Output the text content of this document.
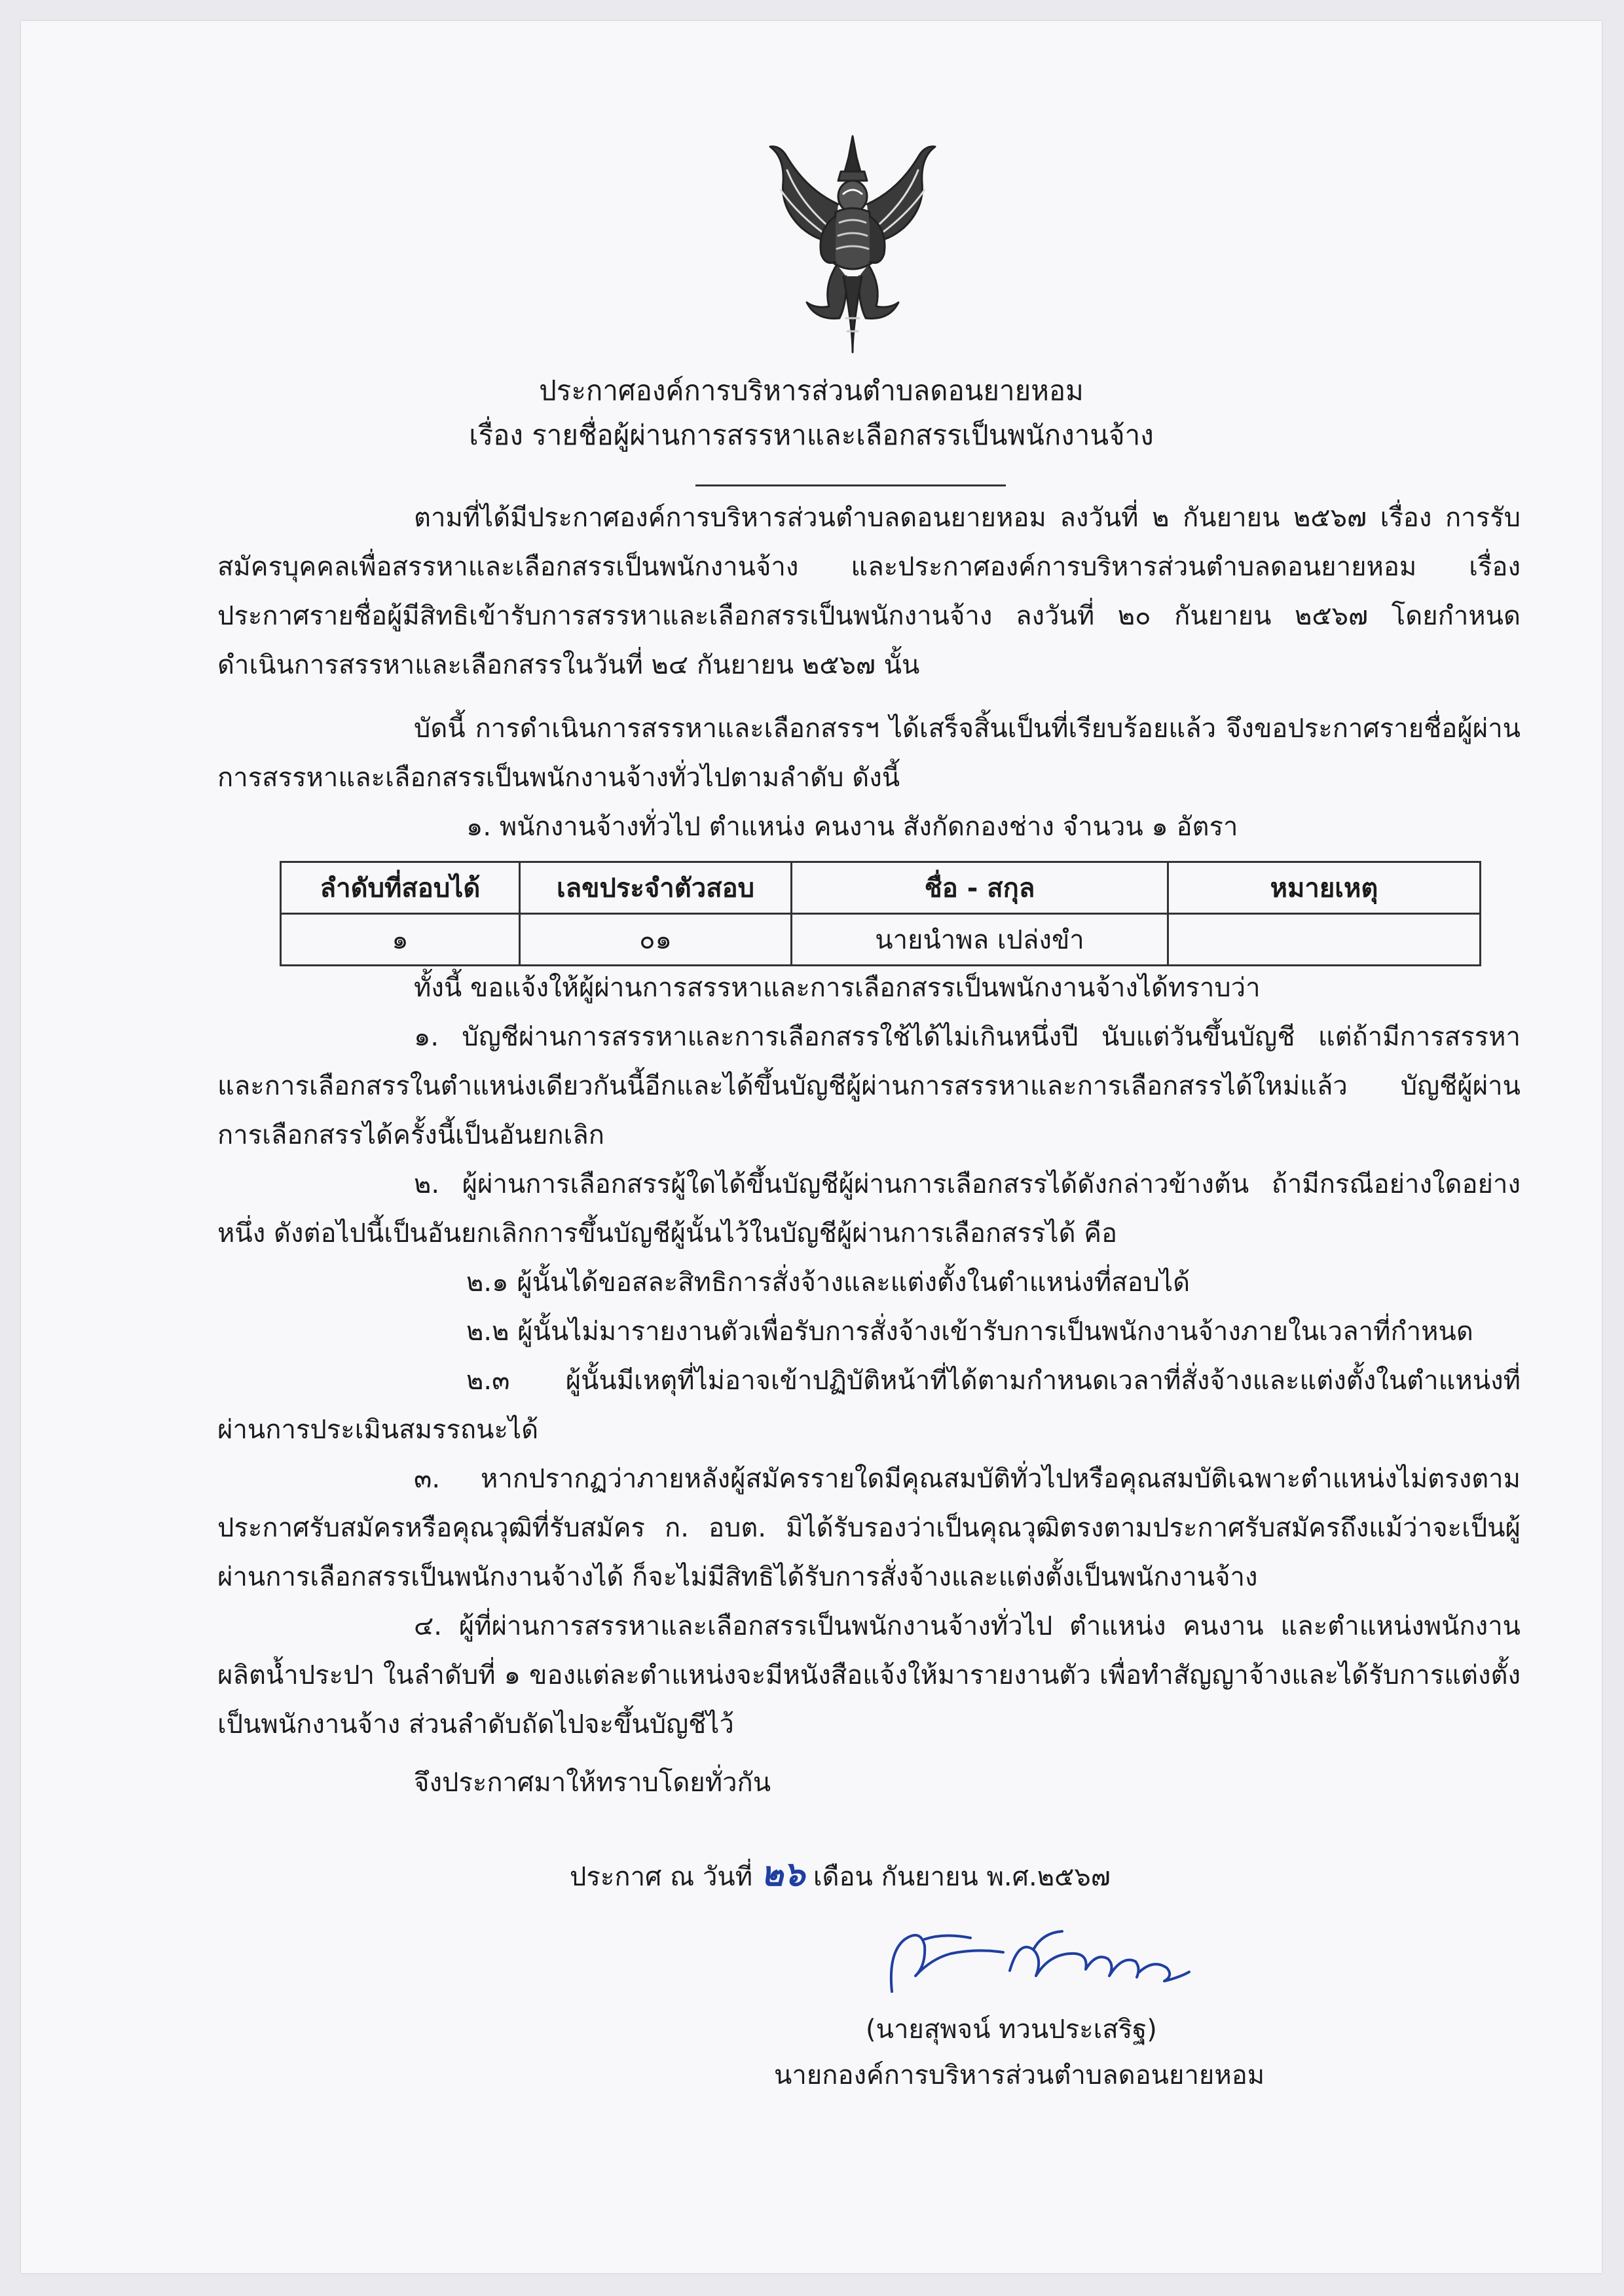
ประกาศองค์การบริหารส่วนตำบลดอนยายหอม
เรื่อง รายชื่อผู้ผ่านการสรรหาและเลือกสรรเป็นพนักงานจ้าง
ตามที่ได้มีประกาศองค์การบริหารส่วนตำบลดอนยายหอม ลงวันที่ ๒ กันยายน ๒๕๖๗ เรื่อง การรับสมัครบุคคลเพื่อสรรหาและเลือกสรรเป็นพนักงานจ้าง และประกาศองค์การบริหารส่วนตำบลดอนยายหอม เรื่องประกาศรายชื่อผู้มีสิทธิเข้ารับการสรรหาและเลือกสรรเป็นพนักงานจ้าง ลงวันที่ ๒๐ กันยายน ๒๕๖๗ โดยกำหนดดำเนินการสรรหาและเลือกสรรในวันที่ ๒๔ กันยายน ๒๕๖๗ นั้น
บัดนี้ การดำเนินการสรรหาและเลือกสรรฯ ได้เสร็จสิ้นเป็นที่เรียบร้อยแล้ว จึงขอประกาศรายชื่อผู้ผ่านการสรรหาและเลือกสรรเป็นพนักงานจ้างทั่วไปตามลำดับ ดังนี้
๑. พนักงานจ้างทั่วไป ตำแหน่ง คนงาน สังกัดกองช่าง จำนวน ๑ อัตรา
ลำดับที่สอบได้	เลขประจำตัวสอบ	ชื่อ - สกุล	หมายเหตุ
๑	๐๑	นายนำพล เปล่งขำ	
ทั้งนี้ ขอแจ้งให้ผู้ผ่านการสรรหาและการเลือกสรรเป็นพนักงานจ้างได้ทราบว่า
๑. บัญชีผ่านการสรรหาและการเลือกสรรใช้ได้ไม่เกินหนึ่งปี นับแต่วันขึ้นบัญชี แต่ถ้ามีการสรรหาและการเลือกสรรในตำแหน่งเดียวกันนี้อีกและได้ขึ้นบัญชีผู้ผ่านการสรรหาและการเลือกสรรได้ใหม่แล้ว บัญชีผู้ผ่านการเลือกสรรได้ครั้งนี้เป็นอันยกเลิก
๒. ผู้ผ่านการเลือกสรรผู้ใดได้ขึ้นบัญชีผู้ผ่านการเลือกสรรได้ดังกล่าวข้างต้น ถ้ามีกรณีอย่างใดอย่างหนึ่ง ดังต่อไปนี้เป็นอันยกเลิกการขึ้นบัญชีผู้นั้นไว้ในบัญชีผู้ผ่านการเลือกสรรได้ คือ
๒.๑ ผู้นั้นได้ขอสละสิทธิการสั่งจ้างและแต่งตั้งในตำแหน่งที่สอบได้
๒.๒ ผู้นั้นไม่มารายงานตัวเพื่อรับการสั่งจ้างเข้ารับการเป็นพนักงานจ้างภายในเวลาที่กำหนด
๒.๓ ผู้นั้นมีเหตุที่ไม่อาจเข้าปฏิบัติหน้าที่ได้ตามกำหนดเวลาที่สั่งจ้างและแต่งตั้งในตำแหน่งที่ผ่านการประเมินสมรรถนะได้
๓. หากปรากฏว่าภายหลังผู้สมัครรายใดมีคุณสมบัติทั่วไปหรือคุณสมบัติเฉพาะตำแหน่งไม่ตรงตามประกาศรับสมัครหรือคุณวุฒิที่รับสมัคร ก. อบต. มิได้รับรองว่าเป็นคุณวุฒิตรงตามประกาศรับสมัครถึงแม้ว่าจะเป็นผู้ผ่านการเลือกสรรเป็นพนักงานจ้างได้ ก็จะไม่มีสิทธิได้รับการสั่งจ้างและแต่งตั้งเป็นพนักงานจ้าง
๔. ผู้ที่ผ่านการสรรหาและเลือกสรรเป็นพนักงานจ้างทั่วไป ตำแหน่ง คนงาน และตำแหน่งพนักงานผลิตน้ำประปา ในลำดับที่ ๑ ของแต่ละตำแหน่งจะมีหนังสือแจ้งให้มารายงานตัว เพื่อทำสัญญาจ้างและได้รับการแต่งตั้งเป็นพนักงานจ้าง ส่วนลำดับถัดไปจะขึ้นบัญชีไว้
จึงประกาศมาให้ทราบโดยทั่วกัน
ประกาศ ณ วันที่ ๒๖ เดือน กันยายน พ.ศ.๒๕๖๗
(นายสุพจน์ ทวนประเสริฐ)
นายกองค์การบริหารส่วนตำบลดอนยายหอม
